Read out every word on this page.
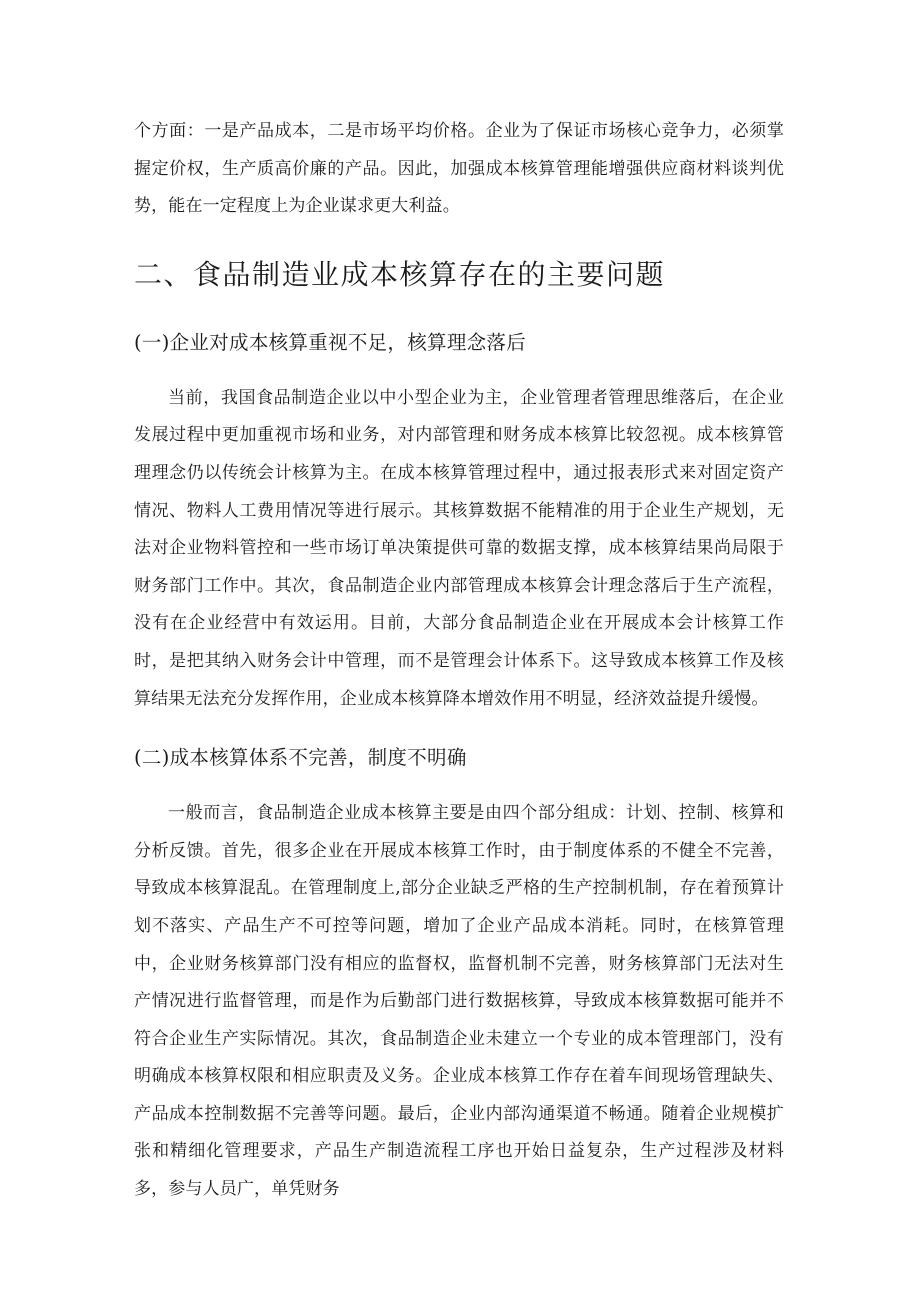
个方面：一是产品成本，二是市场平均价格。企业为了保证市场核心竞争力，必须掌握定价权，生产质高价廉的产品。因此，加强成本核算管理能增强供应商材料谈判优势，能在一定程度上为企业谋求更大利益。

二、食品制造业成本核算存在的主要问题
(一)企业对成本核算重视不足，核算理念落后

当前，我国食品制造企业以中小型企业为主，企业管理者管理思维落后，在企业发展过程中更加重视市场和业务，对内部管理和财务成本核算比较忽视。成本核算管理理念仍以传统会计核算为主。在成本核算管理过程中，通过报表形式来对固定资产情况、物料人工费用情况等进行展示。其核算数据不能精准的用于企业生产规划，无法对企业物料管控和一些市场订单决策提供可靠的数据支撑，成本核算结果尚局限于财务部门工作中。其次，食品制造企业内部管理成本核算会计理念落后于生产流程，没有在企业经营中有效运用。目前，大部分食品制造企业在开展成本会计核算工作时，是把其纳入财务会计中管理，而不是管理会计体系下。这导致成本核算工作及核算结果无法充分发挥作用，企业成本核算降本增效作用不明显，经济效益提升缓慢。

(二)成本核算体系不完善，制度不明确

一般而言，食品制造企业成本核算主要是由四个部分组成：计划、控制、核算和分析反馈。首先，很多企业在开展成本核算工作时，由于制度体系的不健全不完善，导致成本核算混乱。在管理制度上,部分企业缺乏严格的生产控制机制，存在着预算计划不落实、产品生产不可控等问题，增加了企业产品成本消耗。同时，在核算管理中，企业财务核算部门没有相应的监督权，监督机制不完善，财务核算部门无法对生产情况进行监督管理，而是作为后勤部门进行数据核算，导致成本核算数据可能并不符合企业生产实际情况。其次，食品制造企业未建立一个专业的成本管理部门，没有明确成本核算权限和相应职责及义务。企业成本核算工作存在着车间现场管理缺失、产品成本控制数据不完善等问题。最后，企业内部沟通渠道不畅通。随着企业规模扩张和精细化管理要求，产品生产制造流程工序也开始日益复杂，生产过程涉及材料多，参与人员广，单凭财务
